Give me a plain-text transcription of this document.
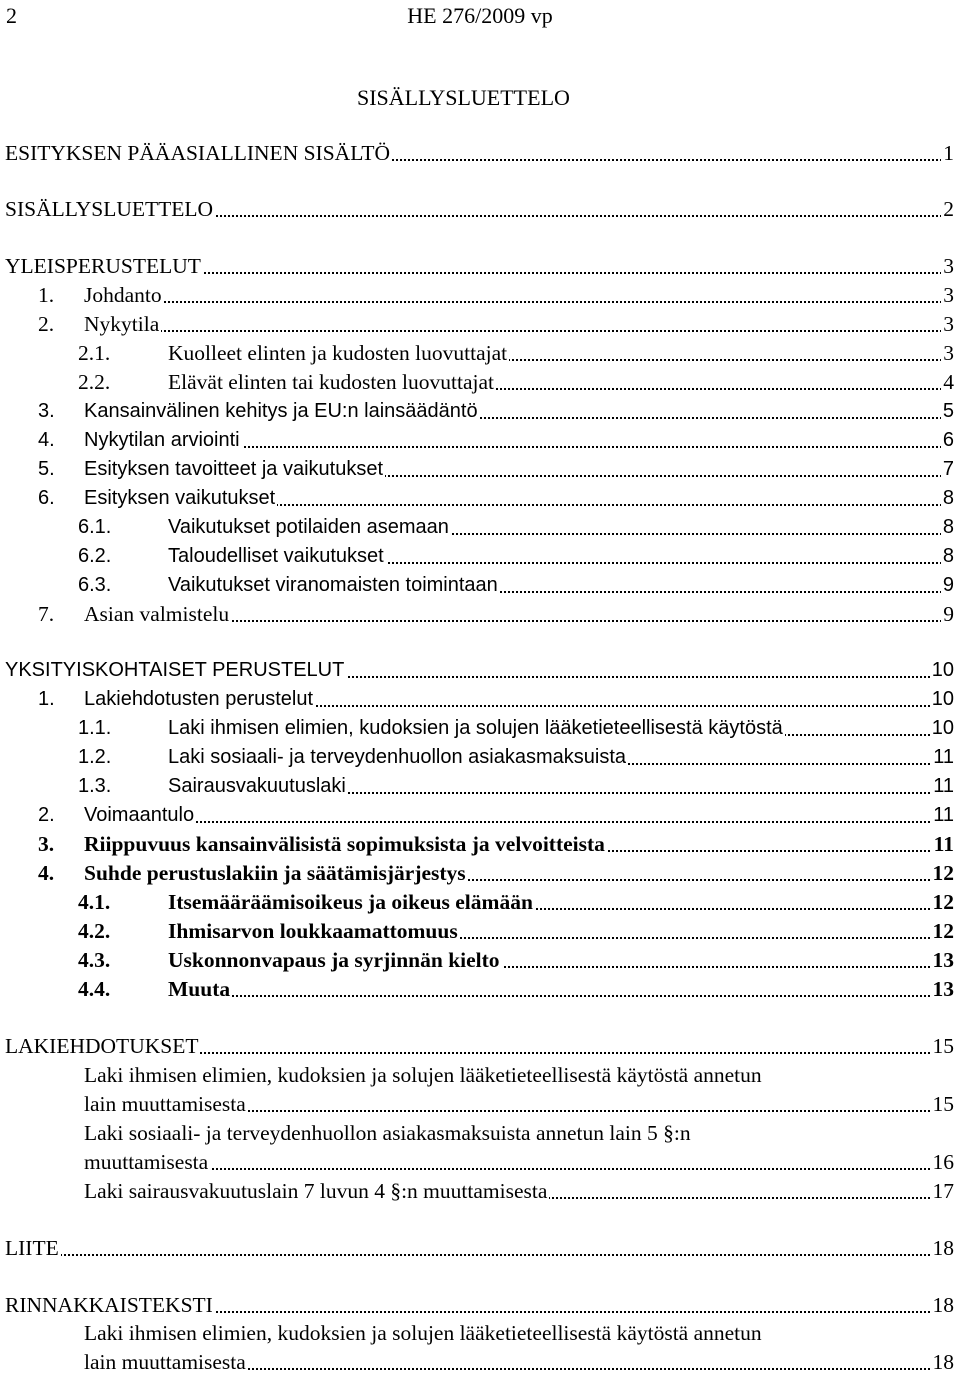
2	HE 276/2009 vp
SISÄLLYSLUETTELO
ESITYKSEN PÄÄASIALLINEN SISÄLTÖ	1
SISÄLLYSLUETTELO	2
YLEISPERUSTELUT	3
1. Johdanto	3
2. Nykytila	3
2.1.	Kuolleet elinten ja kudosten luovuttajat	3
2.2.	Elävät elinten tai kudosten luovuttajat	4
3. Kansainvälinen kehitys ja EU:n lainsäädäntö	5
4. Nykytilan arviointi	6
5. Esityksen tavoitteet ja vaikutukset	7
6. Esityksen vaikutukset	8
6.1.	Vaikutukset potilaiden asemaan	8
6.2.	Taloudelliset vaikutukset	8
6.3.	Vaikutukset viranomaisten toimintaan	9
7. Asian valmistelu	9
YKSITYISKOHTAISET PERUSTELUT	10
1. Lakiehdotusten perustelut	10
1.1.	Laki ihmisen elimien, kudoksien ja solujen lääketieteellisestä käytöstä	10
1.2.	Laki sosiaali- ja terveydenhuollon asiakasmaksuista	11
1.3.	Sairausvakuutuslaki	11
2. Voimaantulo	11
3. Riippuvuus kansainvälisistä sopimuksista ja velvoitteista	11
4. Suhde perustuslakiin ja säätämisjärjestys	12
4.1.	Itsemääräämisoikeus ja oikeus elämään	12
4.2.	Ihmisarvon loukkaamattomuus	12
4.3.	Uskonnonvapaus ja syrjinnän kielto	13
4.4.	Muuta	13
LAKIEHDOTUKSET	15
Laki ihmisen elimien, kudoksien ja solujen lääketieteellisestä käytöstä annetun
lain muuttamisesta	15
Laki sosiaali- ja terveydenhuollon asiakasmaksuista annetun lain 5 §:n
muuttamisesta	16
Laki sairausvakuutuslain 7 luvun 4 §:n muuttamisesta	17
LIITE	18
RINNAKKAISTEKSTI	18
Laki ihmisen elimien, kudoksien ja solujen lääketieteellisestä käytöstä annetun
lain muuttamisesta	18
